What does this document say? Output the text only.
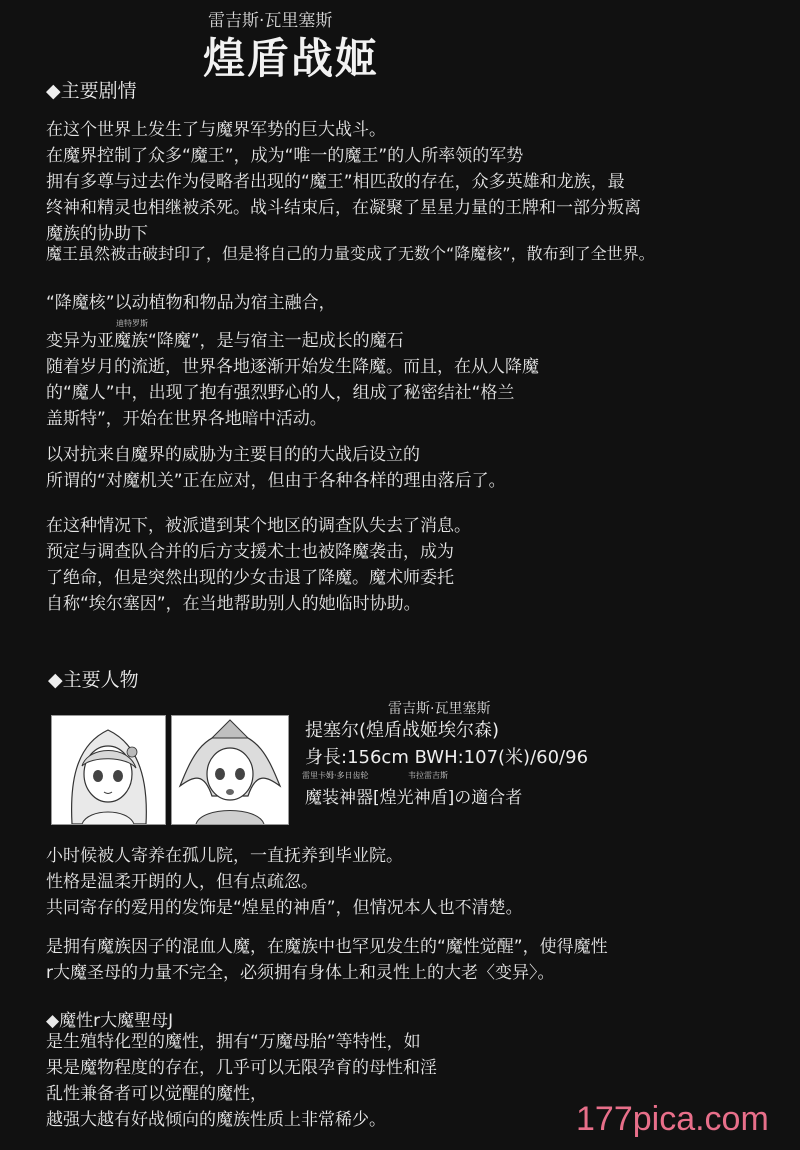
雷吉斯·瓦里塞斯
煌盾战姬
◆主要剧情
在这个世界上发生了与魔界军势的巨大战斗。
在魔界控制了众多“魔王”，成为“唯一的魔王”的人所率领的军势
拥有多尊与过去作为侵略者出现的“魔王”相匹敌的存在，众多英雄和龙族，最
终神和精灵也相继被杀死。战斗结束后，在凝聚了星星力量的王牌和一部分叛离
魔族的协助下
魔王虽然被击破封印了，但是将自己的力量变成了无数个“降魔核”，散布到了全世界。
“降魔核”以动植物和物品为宿主融合，
迪特罗斯
变异为亚魔族“降魔”，是与宿主一起成长的魔石
随着岁月的流逝，世界各地逐渐开始发生降魔。而且，在从人降魔
的“魔人”中，出现了抱有强烈野心的人，组成了秘密结社“格兰
盖斯特”，开始在世界各地暗中活动。
以对抗来自魔界的威胁为主要目的的大战后设立的
所谓的“对魔机关”正在应对，但由于各种各样的理由落后了。
在这种情况下，被派遣到某个地区的调查队失去了消息。
预定与调查队合并的后方支援术士也被降魔袭击，成为
了绝命，但是突然出现的少女击退了降魔。魔术师委托
自称“埃尔塞因”，在当地帮助别人的她临时协助。
◆主要人物
雷吉斯·瓦里塞斯
提塞尔(煌盾战姬埃尔森)
身長:156cm BWH:107(米)/60/96
雷里卡姆·多日齿轮	韦拉雷吉斯
魔装神器[煌光神盾]の適合者
小时候被人寄养在孤儿院，一直抚养到毕业院。
性格是温柔开朗的人，但有点疏忽。
共同寄存的爱用的发饰是“煌星的神盾”，但情况本人也不清楚。
是拥有魔族因子的混血人魔，在魔族中也罕见发生的“魔性觉醒”，使得魔性
r大魔圣母的力量不完全，必须拥有身体上和灵性上的大老〈变异〉。
◆魔性r大魔聖母J
是生殖特化型的魔性，拥有“万魔母胎”等特性，如
果是魔物程度的存在，几乎可以无限孕育的母性和淫
乱性兼备者可以觉醒的魔性，
越强大越有好战倾向的魔族性质上非常稀少。	177pica.com
